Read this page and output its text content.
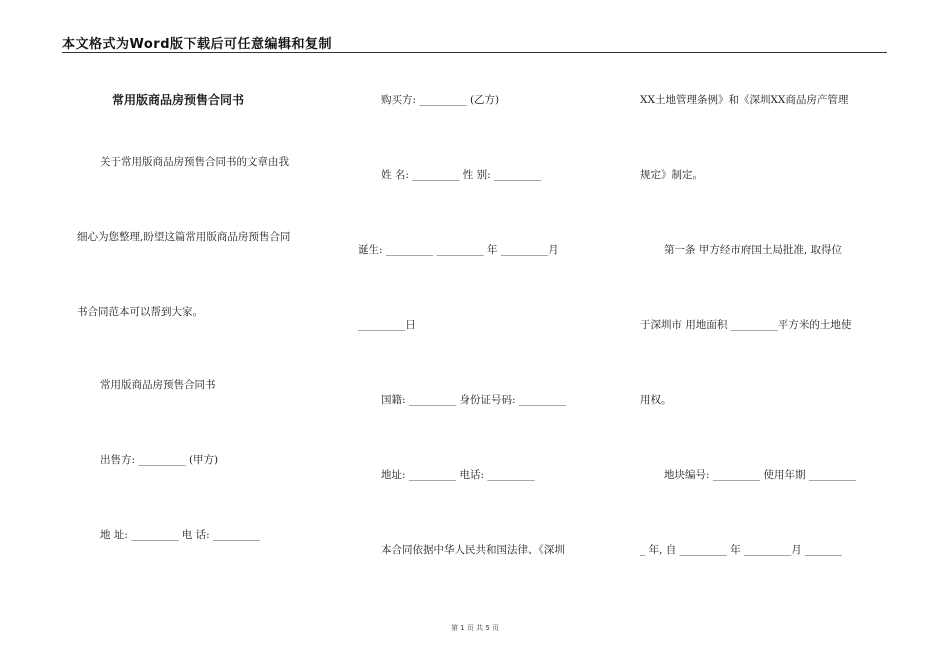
本文格式为Word版下载后可任意编辑和复制
常用版商品房预售合同书
关于常用版商品房预售合同书的文章由我
细心为您整理,盼望这篇常用版商品房预售合同
书合同范本可以帮到大家。
常用版商品房预售合同书
出售方: _________ (甲方)
地 址: _________ 电 话: _________
购买方: _________ (乙方)
姓 名: _________ 性 别: _________
诞生: _________ _________ 年 _________月
_________日
国籍: _________ 身份证号码: _________
地址: _________ 电话: _________
本合同依据中华人民共和国法律、《深圳
XX土地管理条例》和《深圳XX商品房产管理
规定》制定。
第一条 甲方经市府国土局批准, 取得位
于深圳市 用地面积 _________平方米的土地使
用权。
地块编号: _________ 使用年期 _________
_ 年, 自 _________ 年 _________月 _______
第 1 页 共 5 页
